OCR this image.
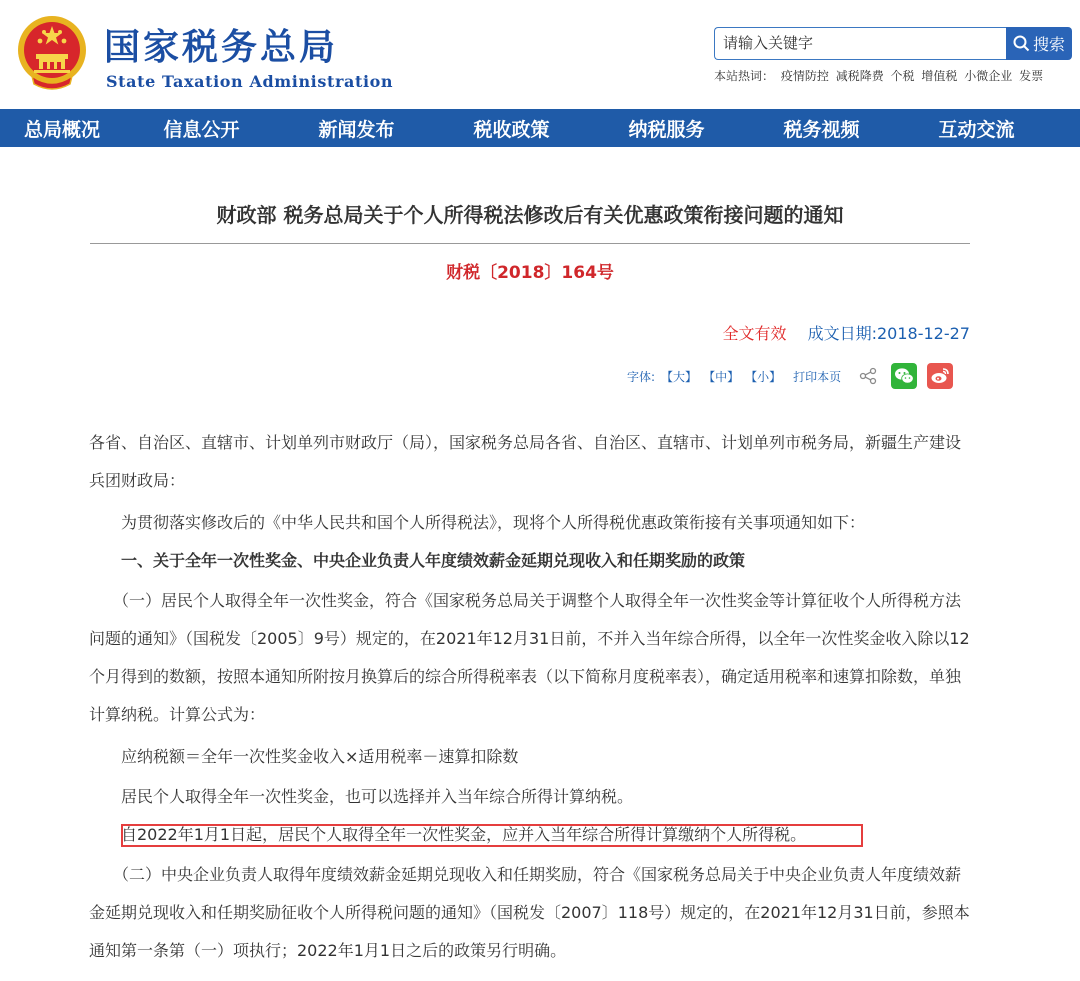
国家税务总局
State Taxation Administration
请输入关键字	搜索
本站热词： 疫情防控 减税降费 个税 增值税 小微企业 发票
总局概况	信息公开	新闻发布	税收政策	纳税服务	税务视频	互动交流
财政部 税务总局关于个人所得税法修改后有关优惠政策衔接问题的通知
财税〔2018〕164号
全文有效 成文日期:2018-12-27
字体: 【大】 【中】 【小】 打印本页
各省、自治区、直辖市、计划单列市财政厅（局），国家税务总局各省、自治区、直辖市、计划单列市税务局，新疆生产建设兵团财政局：
　　为贯彻落实修改后的《中华人民共和国个人所得税法》，现将个人所得税优惠政策衔接有关事项通知如下：
　　一、关于全年一次性奖金、中央企业负责人年度绩效薪金延期兑现收入和任期奖励的政策
　　（一）居民个人取得全年一次性奖金，符合《国家税务总局关于调整个人取得全年一次性奖金等计算征收个人所得税方法问题的通知》（国税发〔2005〕9号）规定的，在2021年12月31日前，不并入当年综合所得，以全年一次性奖金收入除以12个月得到的数额，按照本通知所附按月换算后的综合所得税率表（以下简称月度税率表），确定适用税率和速算扣除数，单独计算纳税。计算公式为：
　　应纳税额＝全年一次性奖金收入×适用税率－速算扣除数
　　居民个人取得全年一次性奖金，也可以选择并入当年综合所得计算纳税。
　　自2022年1月1日起，居民个人取得全年一次性奖金，应并入当年综合所得计算缴纳个人所得税。
　　（二）中央企业负责人取得年度绩效薪金延期兑现收入和任期奖励，符合《国家税务总局关于中央企业负责人年度绩效薪金延期兑现收入和任期奖励征收个人所得税问题的通知》（国税发〔2007〕118号）规定的，在2021年12月31日前，参照本通知第一条第（一）项执行；2022年1月1日之后的政策另行明确。
